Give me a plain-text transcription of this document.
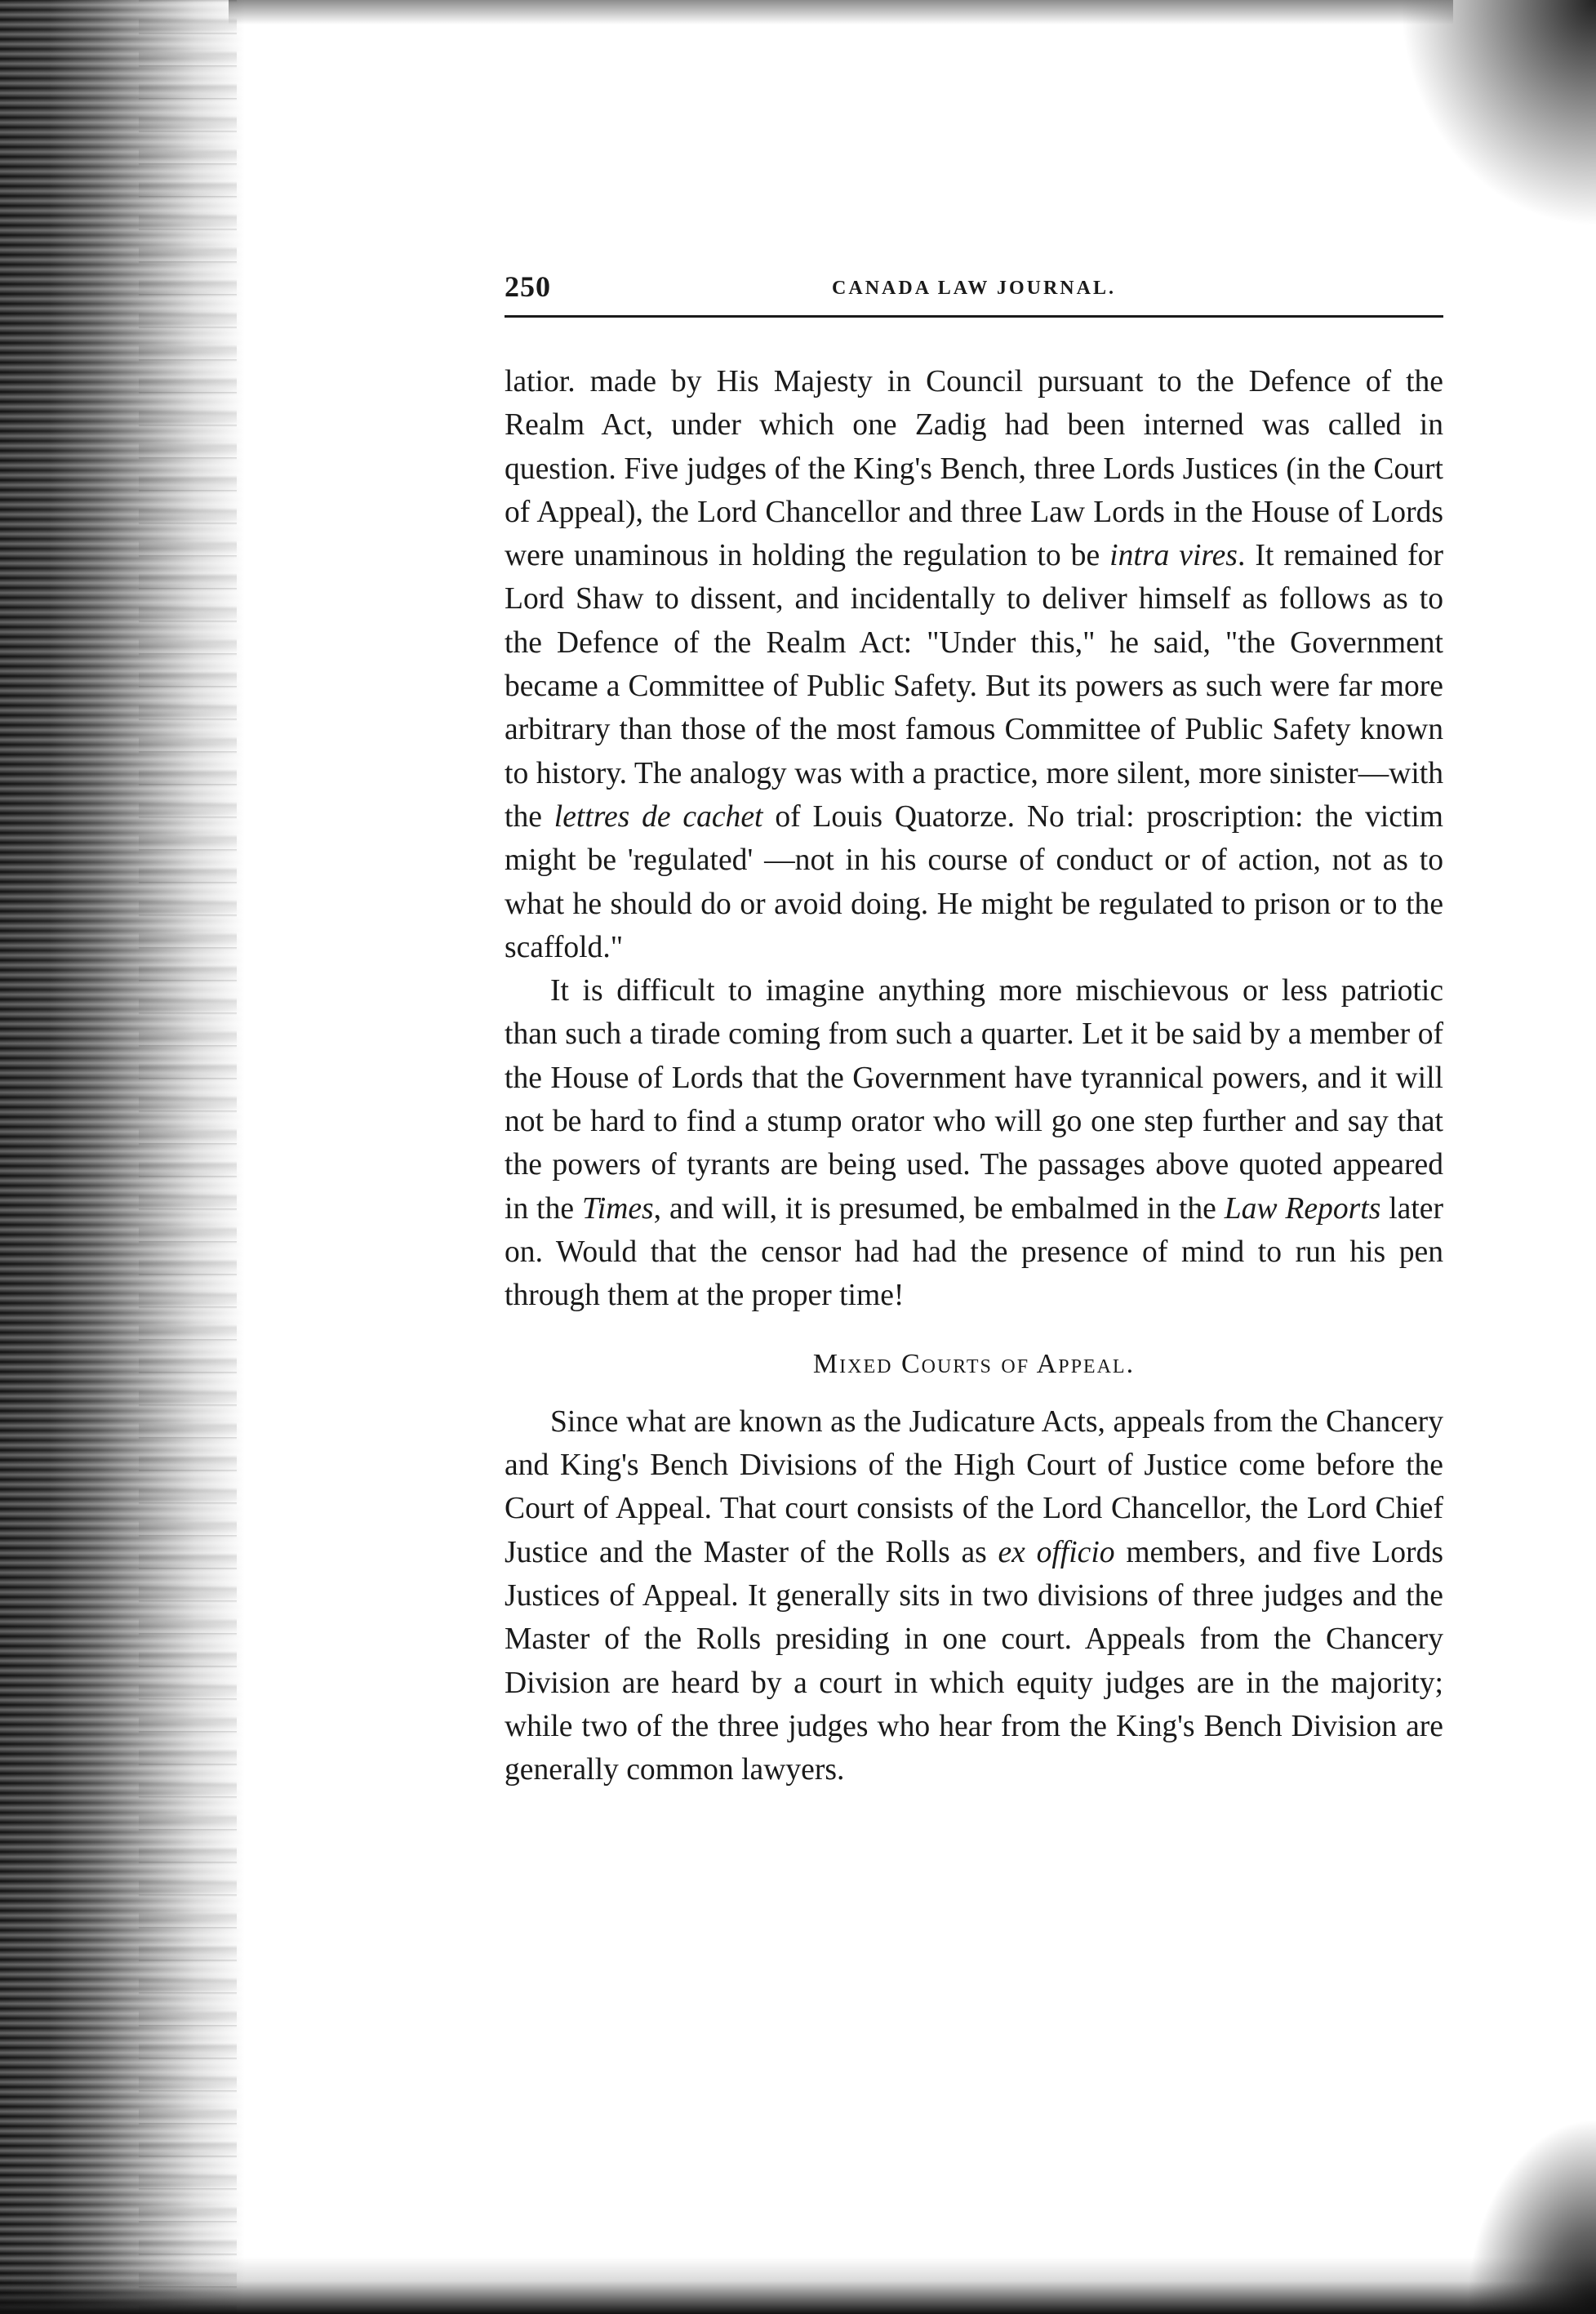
250	CANADA LAW JOURNAL.

latior. made by His Majesty in Council pursuant to the Defence of the Realm Act, under which one Zadig had been interned was called in question. Five judges of the King's Bench, three Lords Justices (in the Court of Appeal), the Lord Chancellor and three Law Lords in the House of Lords were unaminous in holding the regulation to be intra vires. It remained for Lord Shaw to dissent, and incidentally to deliver himself as follows as to the Defence of the Realm Act: "Under this," he said, "the Government became a Committee of Public Safety. But its powers as such were far more arbitrary than those of the most famous Committee of Public Safety known to history. The analogy was with a practice, more silent, more sinister—with the lettres de cachet of Louis Quatorze. No trial: proscription: the victim might be 'regulated' —not in his course of conduct or of action, not as to what he should do or avoid doing. He might be regulated to prison or to the scaffold."

It is difficult to imagine anything more mischievous or less patriotic than such a tirade coming from such a quarter. Let it be said by a member of the House of Lords that the Government have tyrannical powers, and it will not be hard to find a stump orator who will go one step further and say that the powers of tyrants are being used. The passages above quoted appeared in the Times, and will, it is presumed, be embalmed in the Law Reports later on. Would that the censor had had the presence of mind to run his pen through them at the proper time!

Mixed Courts of Appeal.

Since what are known as the Judicature Acts, appeals from the Chancery and King's Bench Divisions of the High Court of Justice come before the Court of Appeal. That court consists of the Lord Chancellor, the Lord Chief Justice and the Master of the Rolls as ex officio members, and five Lords Justices of Appeal. It generally sits in two divisions of three judges and the Master of the Rolls presiding in one court. Appeals from the Chancery Division are heard by a court in which equity judges are in the majority; while two of the three judges who hear from the King's Bench Division are generally common lawyers.
